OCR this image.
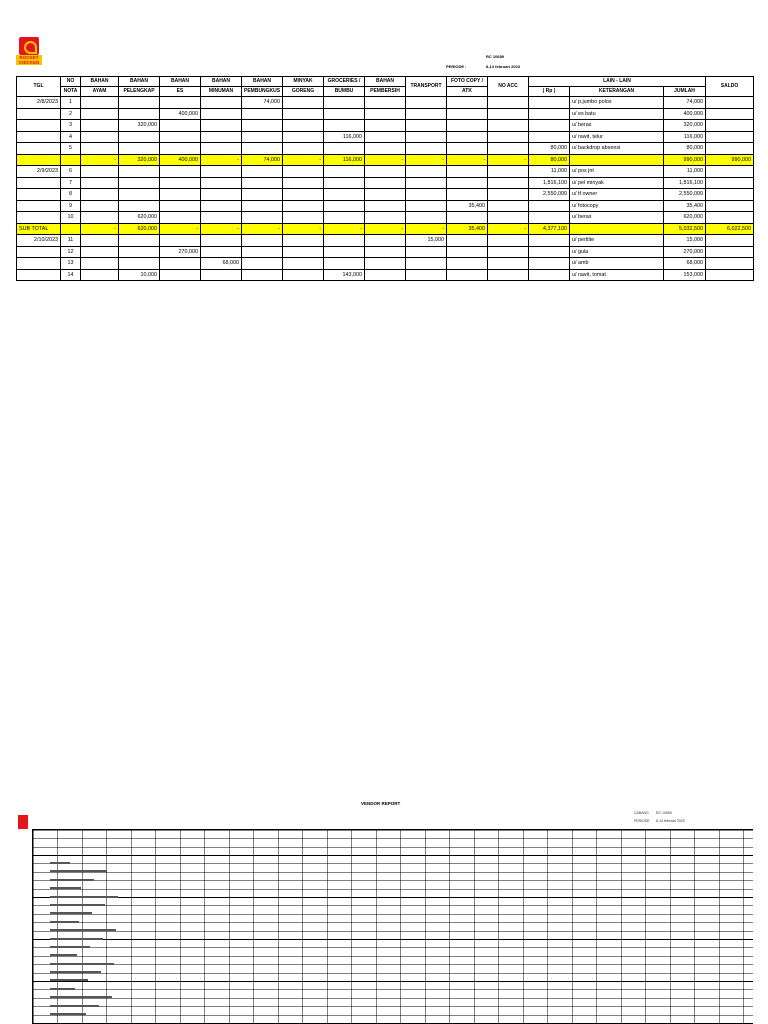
ROCKET CHICKEN
RC 10689
PERIODE :	8-14 februari 2023
TGL	NO	BAHAN	BAHAN	BAHAN	BAHAN	BAHAN	MINYAK	GROCERIES /	BAHAN	TRANSPORT	FOTO COPY /	NO ACC	LAIN - LAIN			SALDO
	NOTA	AYAM	PELENGKAP	ES	MINUMAN	PEMBUNGKUS	GORENG	BUMBU	PEMBERSIH		ATK		( Rp )	KETERANGAN	JUMLAH	
2/8/2023	1					74,000								u/ p.jumbo polos	74,000	
	2			400,000										u/ es batu	400,000	
	3		320,000											u/ beras	320,000	
	4							116,000						u/ rawit, telur	116,000	
	5												80,000	u/ backdrop absensi	80,000	
		-	320,000	400,000	-	74,000	-	116,000	-	-	-	-	80,000		990,000	990,000
2/9/2023	6												11,000	u/ pos jnt	11,000	
	7												1,816,100	u/ pel minyak	1,816,100	
	8												2,550,000	u/ tf owner	2,550,000	
	9										35,400			u/ fotocopy	35,400	
	10		620,000											u/ beras	620,000	
SUB TOTAL		-	620,000	-	-	-	-	-	-	-	35,400	-	4,377,100		5,032,500	6,022,500
2/10/2023	11									15,000				u/ pertlite	15,000	
	12			270,000										u/ gula	270,000	
	13				68,000									u/ amb	68,000	
	14		10,000					143,000						u/ rawit, tomat	153,000	
VENDOR REPORT
CABANG RC 10689
PERIODE 8-14 februari 2023
